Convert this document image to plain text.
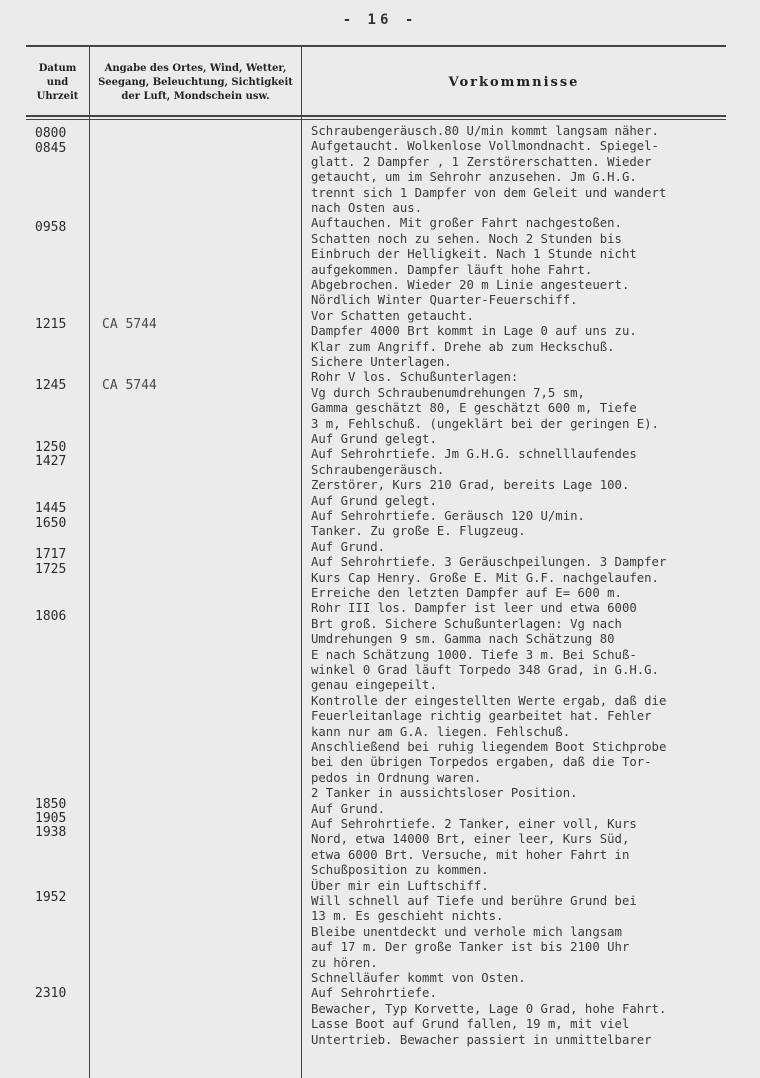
- 16 -
Datum
und
Uhrzeit
Angabe des Ortes, Wind, Wetter,
Seegang, Beleuchtung, Sichtigkeit
der Luft, Mondschein usw.
Vorkommnisse
0800
0845
0958
1215
1245
1250
1427
1445
1650
1717
1725
1806
1850
1905
1938
1952
2310
CA 5744
CA 5744
Schraubengeräusch.80 U/min kommt langsam näher.
Aufgetaucht. Wolkenlose Vollmondnacht. Spiegel-
glatt. 2 Dampfer , 1 Zerstörerschatten. Wieder
getaucht, um im Sehrohr anzusehen. Jm G.H.G.
trennt sich 1 Dampfer von dem Geleit und wandert
nach Osten aus.
Auftauchen. Mit großer Fahrt nachgestoßen.
Schatten noch zu sehen. Noch 2 Stunden bis
Einbruch der Helligkeit. Nach 1 Stunde nicht
aufgekommen. Dampfer läuft hohe Fahrt.
Abgebrochen. Wieder 20 m Linie angesteuert.
Nördlich Winter Quarter-Feuerschiff.
Vor Schatten getaucht.
Dampfer 4000 Brt kommt in Lage 0 auf uns zu.
Klar zum Angriff. Drehe ab zum Heckschuß.
Sichere Unterlagen.
Rohr V los. Schußunterlagen:
Vg durch Schraubenumdrehungen 7,5 sm,
Gamma geschätzt 80, E geschätzt 600 m, Tiefe
3 m, Fehlschuß. (ungeklärt bei der geringen E).
Auf Grund gelegt.
Auf Sehrohrtiefe. Jm G.H.G. schnelllaufendes
Schraubengeräusch.
Zerstörer, Kurs 210 Grad, bereits Lage 100.
Auf Grund gelegt.
Auf Sehrohrtiefe. Geräusch 120 U/min.
Tanker. Zu große E. Flugzeug.
Auf Grund.
Auf Sehrohrtiefe. 3 Geräuschpeilungen. 3 Dampfer
Kurs Cap Henry. Große E. Mit G.F. nachgelaufen.
Erreiche den letzten Dampfer auf E= 600 m.
Rohr III los. Dampfer ist leer und etwa 6000
Brt groß. Sichere Schußunterlagen: Vg nach
Umdrehungen 9 sm. Gamma nach Schätzung 80
E nach Schätzung 1000. Tiefe 3 m. Bei Schuß-
winkel 0 Grad läuft Torpedo 348 Grad, in G.H.G.
genau eingepeilt.
Kontrolle der eingestellten Werte ergab, daß die
Feuerleitanlage richtig gearbeitet hat. Fehler
kann nur am G.A. liegen. Fehlschuß.
Anschließend bei ruhig liegendem Boot Stichprobe
bei den übrigen Torpedos ergaben, daß die Tor-
pedos in Ordnung waren.
2 Tanker in aussichtsloser Position.
Auf Grund.
Auf Sehrohrtiefe. 2 Tanker, einer voll, Kurs
Nord, etwa 14000 Brt, einer leer, Kurs Süd,
etwa 6000 Brt. Versuche, mit hoher Fahrt in
Schußposition zu kommen.
Über mir ein Luftschiff.
Will schnell auf Tiefe und berühre Grund bei
13 m. Es geschieht nichts.
Bleibe unentdeckt und verhole mich langsam
auf 17 m. Der große Tanker ist bis 2100 Uhr
zu hören.
Schnelläufer kommt von Osten.
Auf Sehrohrtiefe.
Bewacher, Typ Korvette, Lage 0 Grad, hohe Fahrt.
Lasse Boot auf Grund fallen, 19 m, mit viel
Untertrieb. Bewacher passiert in unmittelbarer
